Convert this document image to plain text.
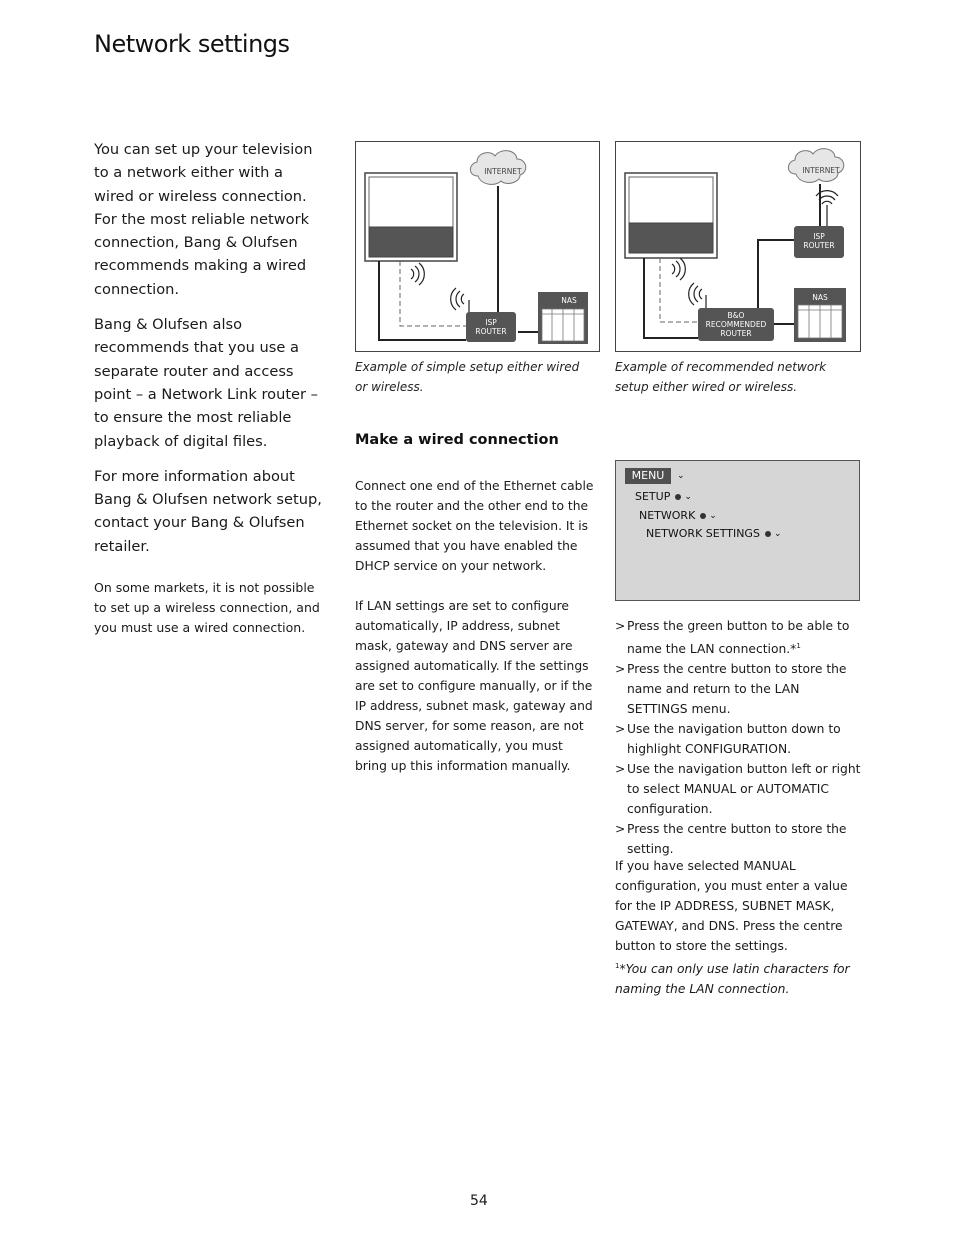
Network settings

You can set up your television to a network either with a wired or wireless connection. For the most reliable network connection, Bang & Olufsen recommends making a wired connection.

Bang & Olufsen also recommends that you use a separate router and access point – a Network Link router – to ensure the most reliable playback of digital files.

For more information about Bang & Olufsen network setup, contact your Bang & Olufsen retailer.

On some markets, it is not possible to set up a wireless connection, and you must use a wired connection.

INTERNET
ISP
ROUTER
NAS
Example of simple setup either wired or wireless.
INTERNET
ISP
ROUTER
B&O
RECOMMENDED
ROUTER
NAS
Example of recommended network setup either wired or wireless.
Make a wired connection

Connect one end of the Ethernet cable to the router and the other end to the Ethernet socket on the television. It is assumed that you have enabled the DHCP service on your network.

If LAN settings are set to configure automatically, IP address, subnet mask, gateway and DNS server are assigned automatically. If the settings are set to configure manually, or if the IP address, subnet mask, gateway and DNS server, for some reason, are not assigned automatically, you must bring up this information manually.

MENU	⌄
SETUP ⌄
NETWORK ⌄
NETWORK SETTINGS ⌄
> Press the green button to be able to name the LAN connection.*$^1$
> Press the centre button to store the name and return to the LAN SETTINGS menu.
> Use the navigation button down to highlight CONFIGURATION.
> Use the navigation button left or right to select MANUAL or AUTOMATIC configuration.
> Press the centre button to store the setting.
If you have selected MANUAL configuration, you must enter a value for the IP ADDRESS, SUBNET MASK, GATEWAY, and DNS. Press the centre button to store the settings.
$^1$*You can only use latin characters for naming the LAN connection.
54
